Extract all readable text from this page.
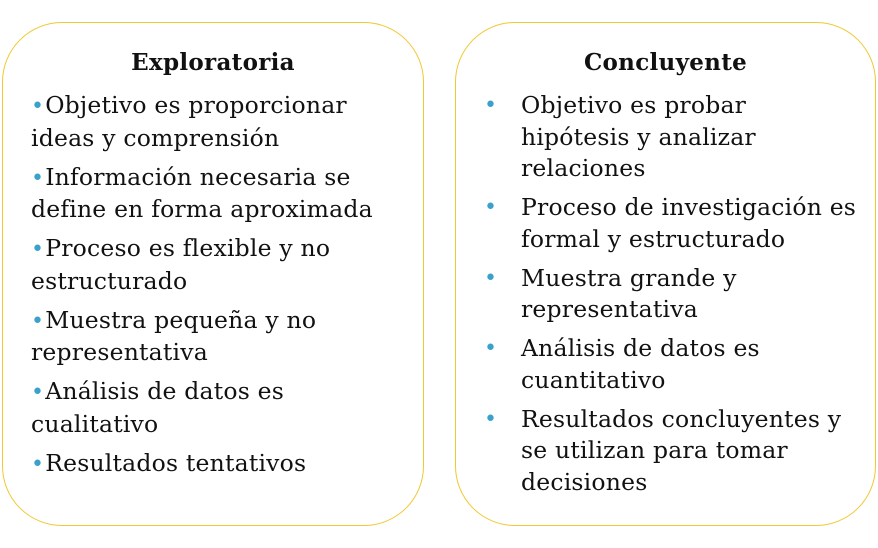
Exploratoria
•Objetivo es proporcionar ideas y comprensión
•Información necesaria se define en forma aproximada
•Proceso es flexible y no estructurado
•Muestra pequeña y no representativa
•Análisis de datos es cualitativo
•Resultados tentativos
Concluyente
• Objetivo es probar hipótesis y analizar relaciones
• Proceso de investigación es formal y estructurado
• Muestra grande y representativa
• Análisis de datos es cuantitativo
• Resultados concluyentes y se utilizan para tomar decisiones
